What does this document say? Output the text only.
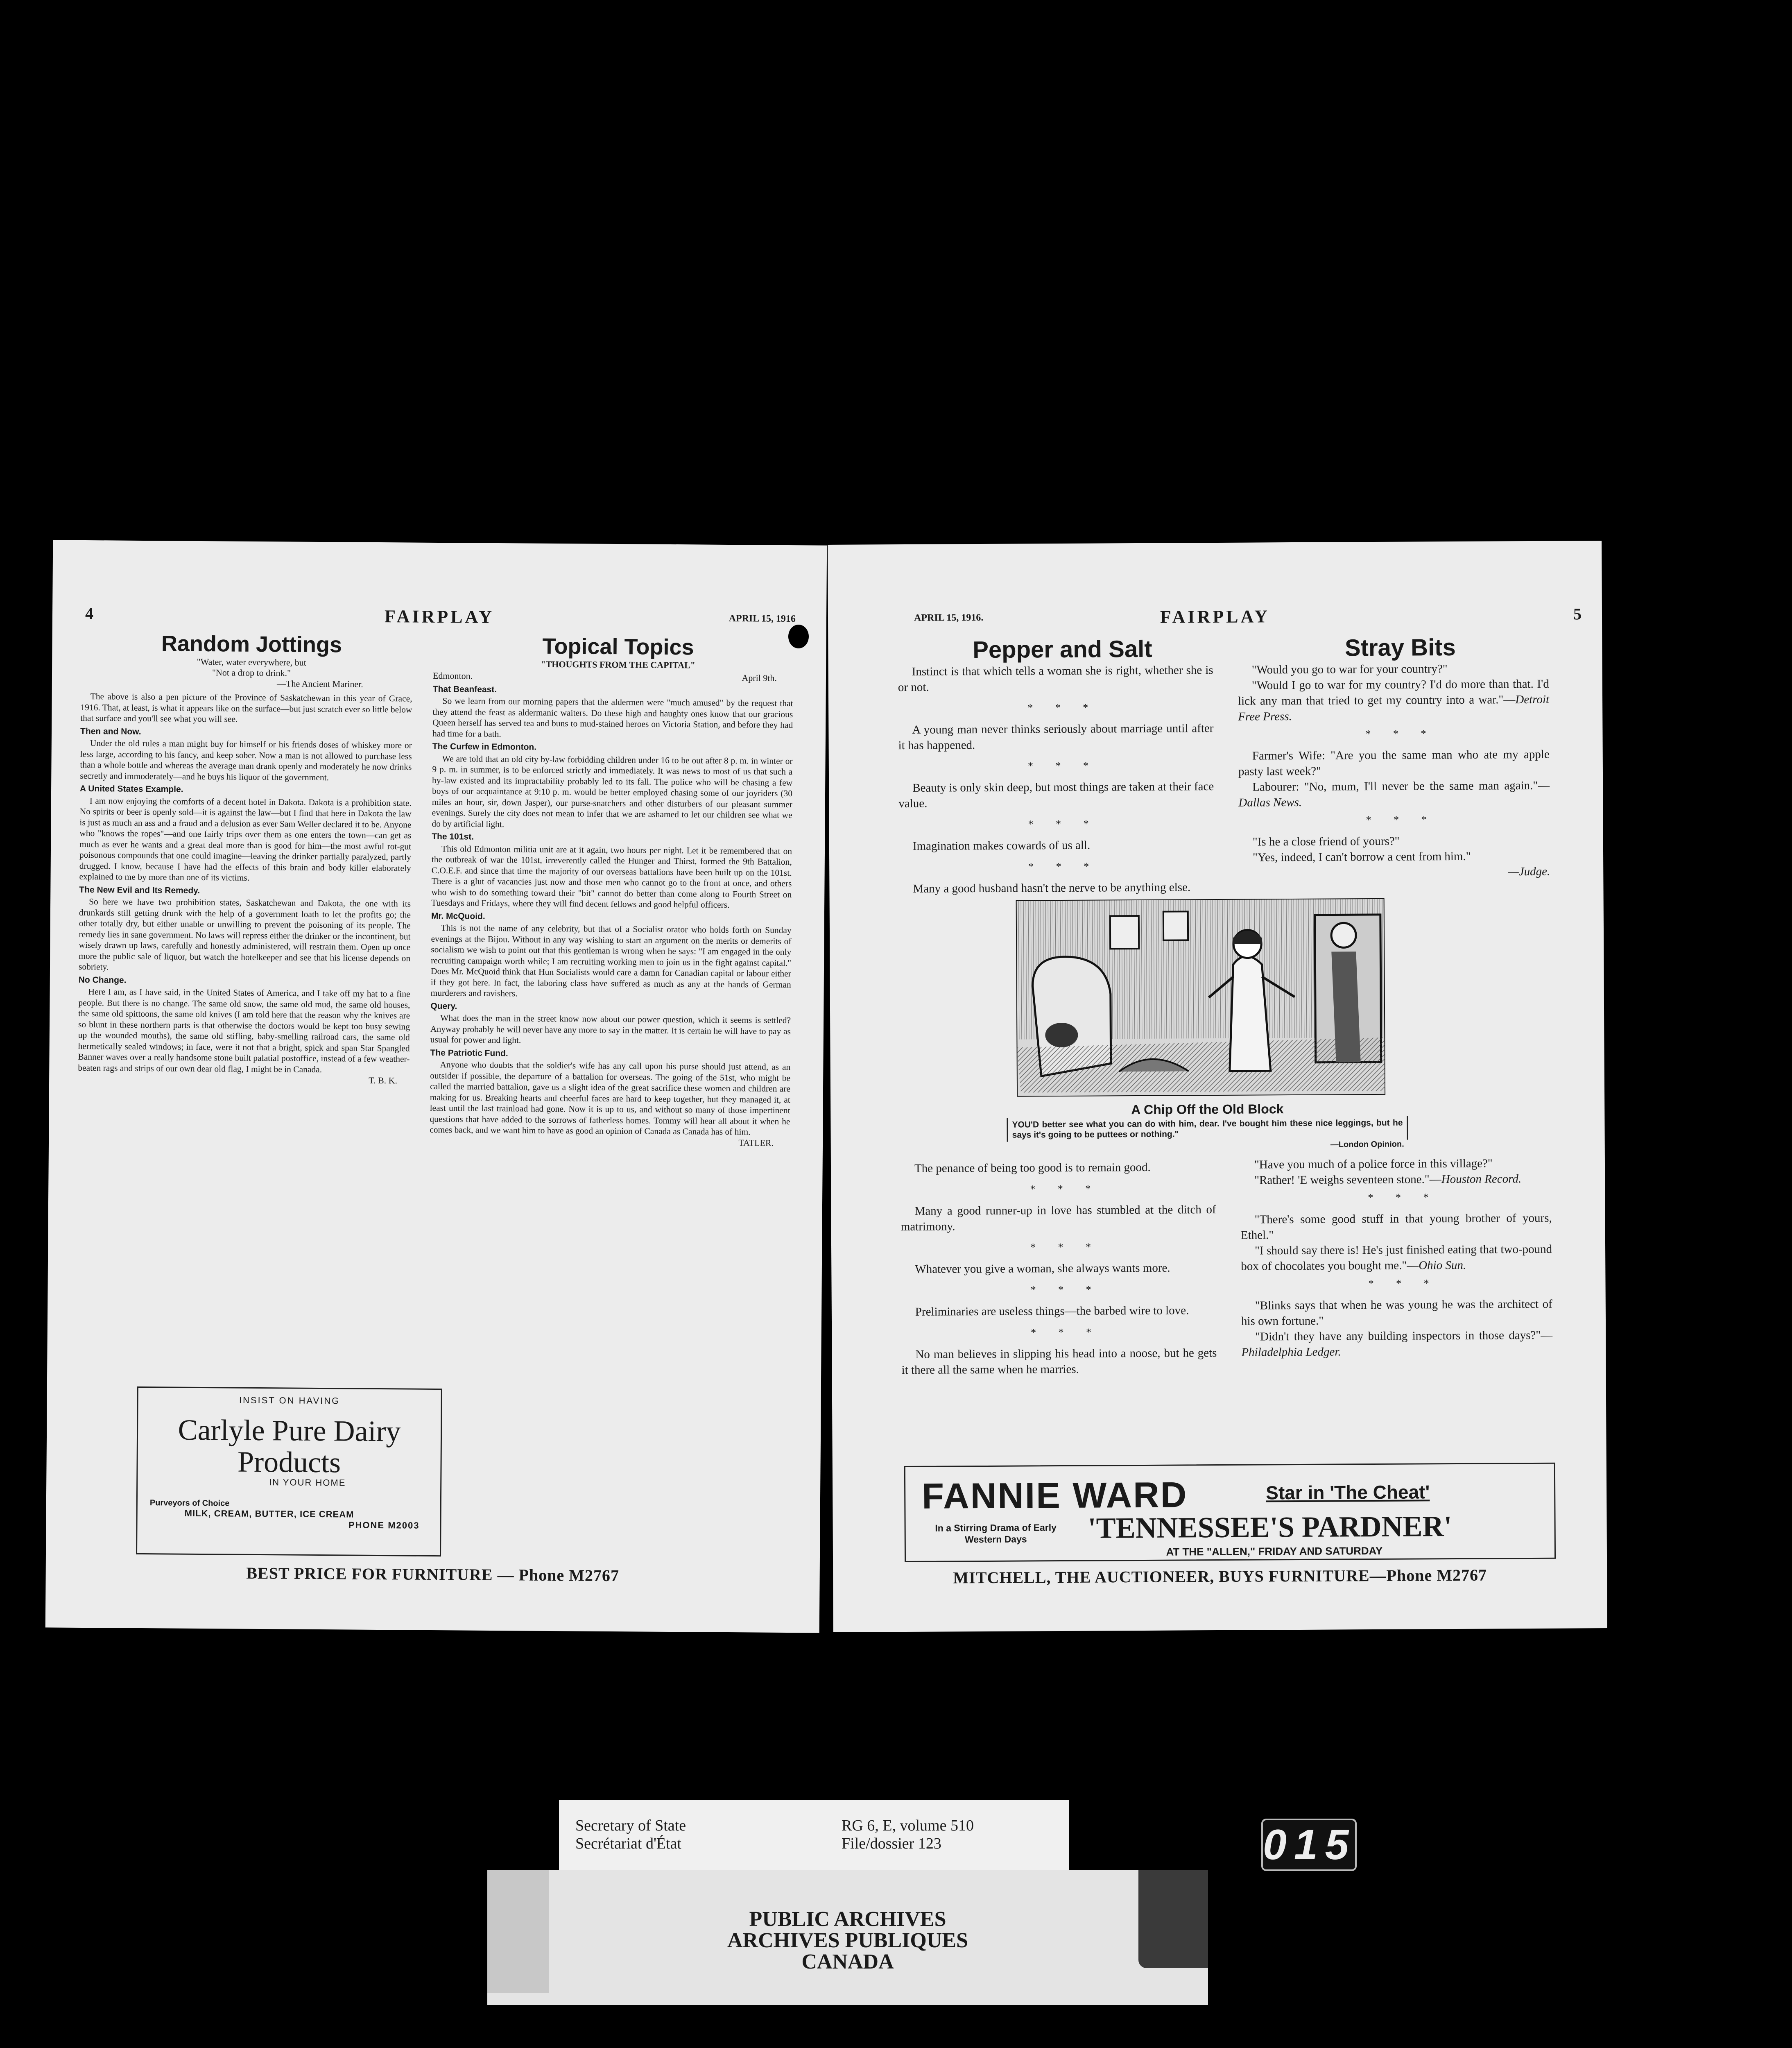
4	FAIRPLAY	APRIL 15, 1916

Random Jottings

"Water, water everywhere, but

"Not a drop to drink."

—The Ancient Mariner.

The above is also a pen picture of the Province of Saskatchewan in this year of Grace, 1916. That, at least, is what it appears like on the surface—but just scratch ever so little below that surface and you'll see what you will see.

Then and Now.

Under the old rules a man might buy for himself or his friends doses of whiskey more or less large, according to his fancy, and keep sober. Now a man is not allowed to purchase less than a whole bottle and whereas the average man drank openly and moderately he now drinks secretly and immoderately—and he buys his liquor of the government.

A United States Example.

I am now enjoying the comforts of a decent hotel in Dakota. Dakota is a prohibition state. No spirits or beer is openly sold—it is against the law—but I find that here in Dakota the law is just as much an ass and a fraud and a delusion as ever Sam Weller declared it to be. Anyone who "knows the ropes"—and one fairly trips over them as one enters the town—can get as much as ever he wants and a great deal more than is good for him—the most awful rot-gut poisonous compounds that one could imagine—leaving the drinker partially paralyzed, partly drugged. I know, because I have had the effects of this brain and body killer elaborately explained to me by more than one of its victims.

The New Evil and Its Remedy.

So here we have two prohibition states, Saskatchewan and Dakota, the one with its drunkards still getting drunk with the help of a government loath to let the profits go; the other totally dry, but either unable or unwilling to prevent the poisoning of its people. The remedy lies in sane government. No laws will repress either the drinker or the incontinent, but wisely drawn up laws, carefully and honestly administered, will restrain them. Open up once more the public sale of liquor, but watch the hotelkeeper and see that his license depends on sobriety.

No Change.

Here I am, as I have said, in the United States of America, and I take off my hat to a fine people. But there is no change. The same old snow, the same old mud, the same old houses, the same old spittoons, the same old knives (I am told here that the reason why the knives are so blunt in these northern parts is that otherwise the doctors would be kept too busy sewing up the wounded mouths), the same old stifling, baby-smelling railroad cars, the same old hermetically sealed windows; in face, were it not that a bright, spick and span Star Spangled Banner waves over a really handsome stone built palatial postoffice, instead of a few weather-beaten rags and strips of our own dear old flag, I might be in Canada.

T. B. K.

Topical Topics

"THOUGHTS FROM THE CAPITAL"

Edmonton.	April 9th.
That Beanfeast.

So we learn from our morning papers that the aldermen were "much amused" by the request that they attend the feast as aldermanic waiters. Do these high and haughty ones know that our gracious Queen herself has served tea and buns to mud-stained heroes on Victoria Station, and before they had had time for a bath.

The Curfew in Edmonton.

We are told that an old city by-law forbidding children under 16 to be out after 8 p. m. in winter or 9 p. m. in summer, is to be enforced strictly and immediately. It was news to most of us that such a by-law existed and its impractability probably led to its fall. The police who will be chasing a few boys of our acquaintance at 9:10 p. m. would be better employed chasing some of our joyriders (30 miles an hour, sir, down Jasper), our purse-snatchers and other disturbers of our pleasant summer evenings. Surely the city does not mean to infer that we are ashamed to let our children see what we do by artificial light.

The 101st.

This old Edmonton militia unit are at it again, two hours per night. Let it be remembered that on the outbreak of war the 101st, irreverently called the Hunger and Thirst, formed the 9th Battalion, C.O.E.F. and since that time the majority of our overseas battalions have been built up on the 101st. There is a glut of vacancies just now and those men who cannot go to the front at once, and others who wish to do something toward their "bit" cannot do better than come along to Fourth Street on Tuesdays and Fridays, where they will find decent fellows and good helpful officers.

Mr. McQuoid.

This is not the name of any celebrity, but that of a Socialist orator who holds forth on Sunday evenings at the Bijou. Without in any way wishing to start an argument on the merits or demerits of socialism we wish to point out that this gentleman is wrong when he says: "I am engaged in the only recruiting campaign worth while; I am recruiting working men to join us in the fight against capital." Does Mr. McQuoid think that Hun Socialists would care a damn for Canadian capital or labour either if they got here. In fact, the laboring class have suffered as much as any at the hands of German murderers and ravishers.

Query.

What does the man in the street know now about our power question, which it seems is settled? Anyway probably he will never have any more to say in the matter. It is certain he will have to pay as usual for power and light.

The Patriotic Fund.

Anyone who doubts that the soldier's wife has any call upon his purse should just attend, as an outsider if possible, the departure of a battalion for overseas. The going of the 51st, who might be called the married battalion, gave us a slight idea of the great sacrifice these women and children are making for us. Breaking hearts and cheerful faces are hard to keep together, but they managed it, at least until the last trainload had gone. Now it is up to us, and without so many of those impertinent questions that have added to the sorrows of fatherless homes. Tommy will hear all about it when he comes back, and we want him to have as good an opinion of Canada as Canada has of him.

TATLER.

INSIST ON HAVING
Carlyle Pure Dairy
Products
IN YOUR HOME
Purveyors of Choice
MILK, CREAM, BUTTER, ICE CREAM
PHONE M2003
BEST PRICE FOR FURNITURE — Phone M2767
APRIL 15, 1916.	FAIRPLAY	5

Pepper and Salt

Instinct is that which tells a woman she is right, whether she is or not.

* * *

A young man never thinks seriously about marriage until after it has happened.

* * *

Beauty is only skin deep, but most things are taken at their face value.

* * *

Imagination makes cowards of us all.

* * *

Many a good husband hasn't the nerve to be anything else.

Stray Bits

"Would you go to war for your country?"

"Would I go to war for my country? I'd do more than that. I'd lick any man that tried to get my country into a war."—Detroit Free Press.

* * *

Farmer's Wife: "Are you the same man who ate my apple pasty last week?"

Labourer: "No, mum, I'll never be the same man again."—Dallas News.

* * *

"Is he a close friend of yours?"

"Yes, indeed, I can't borrow a cent from him."

—Judge.

A Chip Off the Old Block
YOU'D better see what you can do with him, dear. I've bought him these nice leggings, but he says it's going to be puttees or nothing."
—London Opinion.

The penance of being too good is to remain good.

* * *

Many a good runner-up in love has stumbled at the ditch of matrimony.

* * *

Whatever you give a woman, she always wants more.

* * *

Preliminaries are useless things—the barbed wire to love.

* * *

No man believes in slipping his head into a noose, but he gets it there all the same when he marries.

"Have you much of a police force in this village?"

"Rather! 'E weighs seventeen stone."—Houston Record.

* * *

"There's some good stuff in that young brother of yours, Ethel."

"I should say there is! He's just finished eating that two-pound box of chocolates you bought me."—Ohio Sun.

* * *

"Blinks says that when he was young he was the architect of his own fortune."

"Didn't they have any building inspectors in those days?"—Philadelphia Ledger.

FANNIE WARD	Star in 'The Cheat'
In a Stirring Drama of Early
Western Days	'TENNESSEE'S PARDNER'
AT THE "ALLEN," FRIDAY AND SATURDAY
MITCHELL, THE AUCTIONEER, BUYS FURNITURE—Phone M2767
Secretary of State
Secrétariat d'État
RG 6, E, volume 510
File/dossier 123
PUBLIC ARCHIVES
ARCHIVES PUBLIQUES
CANADA
015
